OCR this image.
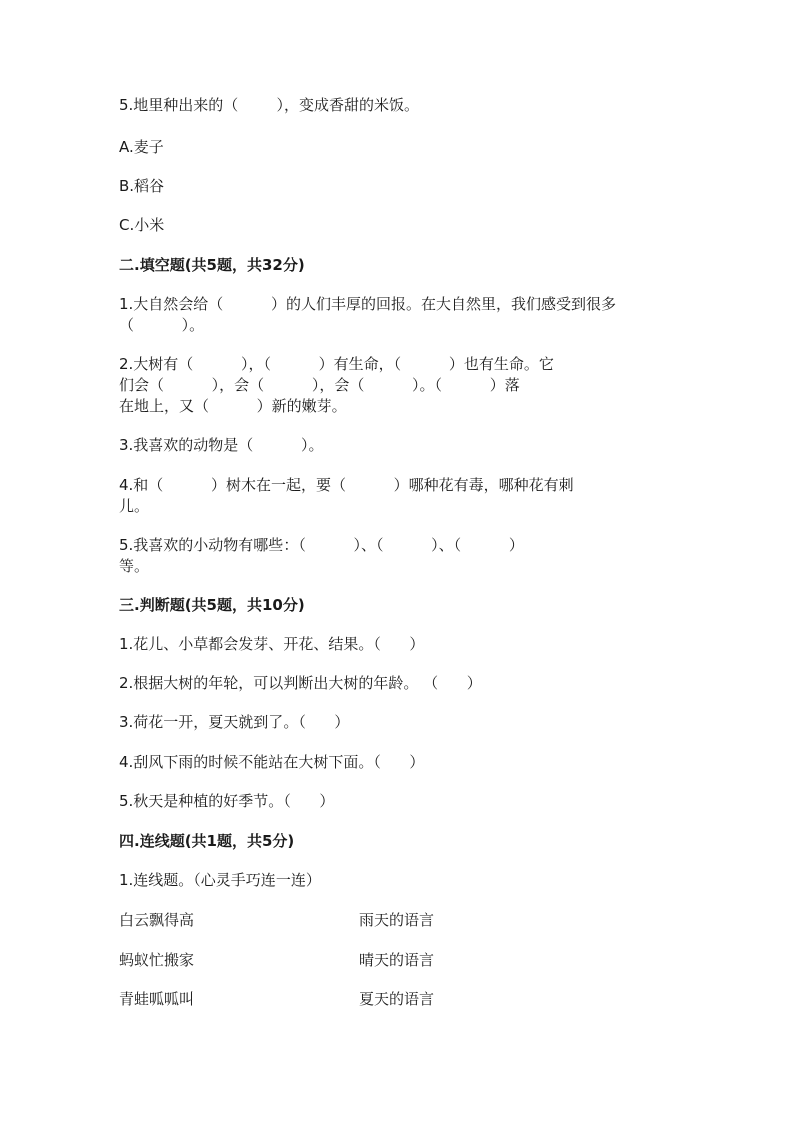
5.地里种出来的（        ），变成香甜的米饭。
A.麦子
B.稻谷
C.小米
二.填空题(共5题，共32分)
1.大自然会给（          ）的人们丰厚的回报。在大自然里，我们感受到很多
（          ）。
2.大树有（          ），（          ）有生命，（          ）也有生命。它
们会（          ），会（          ），会（          ）。（          ）落
在地上，又（          ）新的嫩芽。
3.我喜欢的动物是（          ）。
4.和（          ）树木在一起，要（          ）哪种花有毒，哪种花有刺
儿。
5.我喜欢的小动物有哪些：（          ）、（          ）、（          ）
等。
三.判断题(共5题，共10分)
1.花儿、小草都会发芽、开花、结果。（      ）
2.根据大树的年轮，可以判断出大树的年龄。 （      ）
3.荷花一开，夏天就到了。（      ）
4.刮风下雨的时候不能站在大树下面。（      ）
5.秋天是种植的好季节。（      ）
四.连线题(共1题，共5分)
1.连线题。（心灵手巧连一连）
白云飘得高	雨天的语言
蚂蚁忙搬家	晴天的语言
青蛙呱呱叫	夏天的语言
